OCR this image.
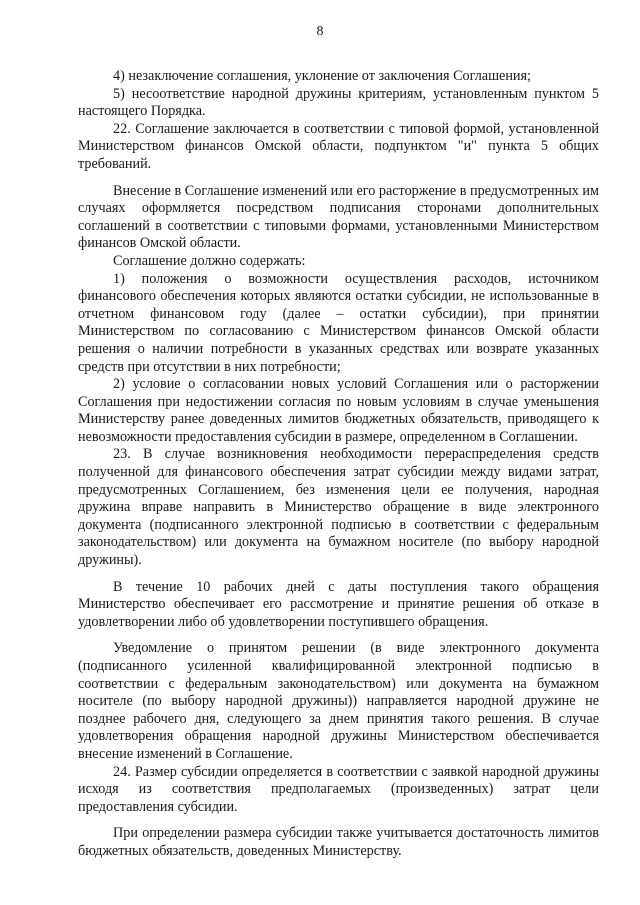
8

4) незаключение соглашения, уклонение от заключения Соглашения;

5) несоответствие народной дружины критериям, установленным пунктом 5 настоящего Порядка.

22. Соглашение заключается в соответствии с типовой формой, установленной Министерством финансов Омской области, подпунктом "и" пункта 5 общих требований.

Внесение в Соглашение изменений или его расторжение в предусмотренных им случаях оформляется посредством подписания сторонами дополнительных соглашений в соответствии с типовыми формами, установленными Министерством финансов Омской области.

Соглашение должно содержать:

1) положения о возможности осуществления расходов, источником финансового обеспечения которых являются остатки субсидии, не использованные в отчетном финансовом году (далее – остатки субсидии), при принятии Министерством по согласованию с Министерством финансов Омской области решения о наличии потребности в указанных средствах или возврате указанных средств при отсутствии в них потребности;

2) условие о согласовании новых условий Соглашения или о расторжении Соглашения при недостижении согласия по новым условиям в случае уменьшения Министерству ранее доведенных лимитов бюджетных обязательств, приводящего к невозможности предоставления субсидии в размере, определенном в Соглашении.

23. В случае возникновения необходимости перераспределения средств полученной для финансового обеспечения затрат субсидии между видами затрат, предусмотренных Соглашением, без изменения цели ее получения, народная дружина вправе направить в Министерство обращение в виде электронного документа (подписанного электронной подписью в соответствии с федеральным законодательством) или документа на бумажном носителе (по выбору народной дружины).

В течение 10 рабочих дней с даты поступления такого обращения Министерство обеспечивает его рассмотрение и принятие решения об отказе в удовлетворении либо об удовлетворении поступившего обращения.

Уведомление о принятом решении (в виде электронного документа (подписанного усиленной квалифицированной электронной подписью в соответствии с федеральным законодательством) или документа на бумажном носителе (по выбору народной дружины)) направляется народной дружине не позднее рабочего дня, следующего за днем принятия такого решения. В случае удовлетворения обращения народной дружины Министерством обеспечивается внесение изменений в Соглашение.

24. Размер субсидии определяется в соответствии с заявкой народной дружины исходя из соответствия предполагаемых (произведенных) затрат цели предоставления субсидии.

При определении размера субсидии также учитывается достаточность лимитов бюджетных обязательств, доведенных Министерству.
